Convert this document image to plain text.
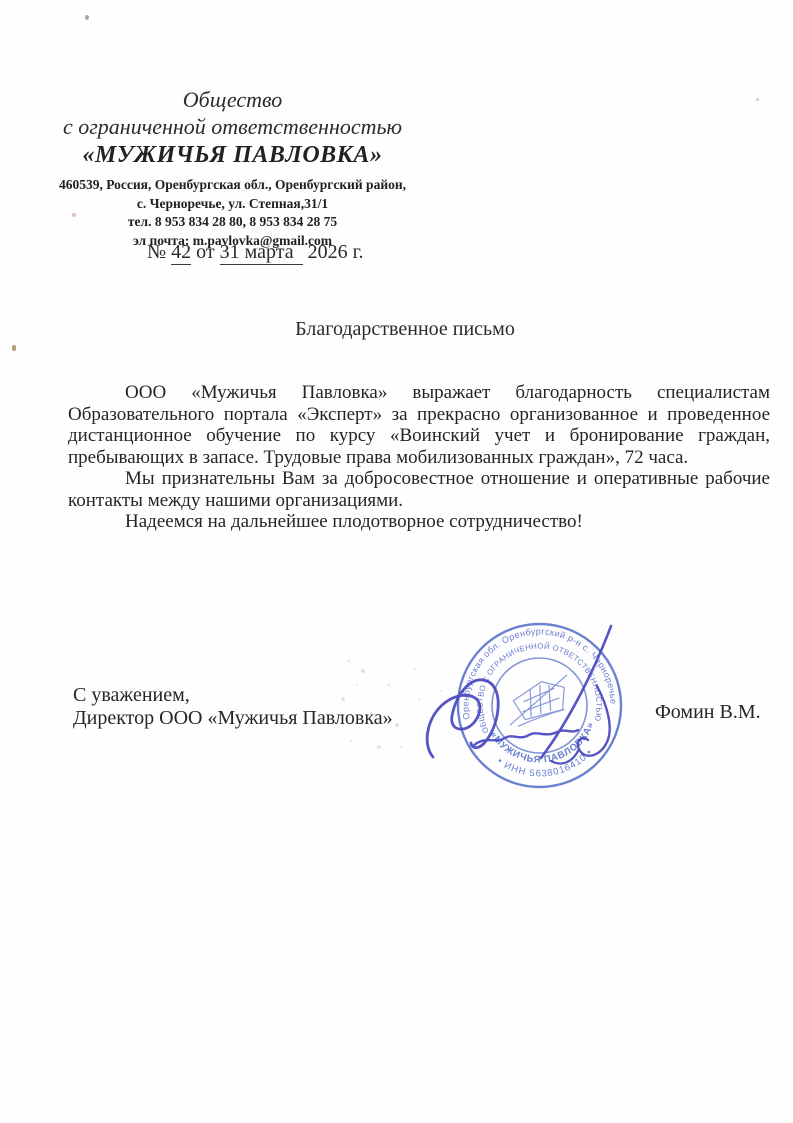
Общество
с ограниченной ответственностью
«МУЖИЧЬЯ ПАВЛОВКА»
460539, Россия, Оренбургская обл., Оренбургский район,
с. Черноречье, ул. Степная,31/1
тел. 8 953 834 28 80, 8 953 834 28 75
эл почта: m.pavlovka@gmail.com
№ 42 от 31 марта 2026 г.
Благодарственное письмо
ООО «Мужичья Павловка» выражает благодарность специалистам
Образовательного портала «Эксперт» за прекрасно организованное и проведенное
дистанционное обучение по курсу «Воинский учет и бронирование граждан,
пребывающих в запасе. Трудовые права мобилизованных граждан», 72 часа.
Мы признательны Вам за добросовестное отношение и оперативные рабочие
контакты между нашими организациями.
Надеемся на дальнейшее плодотворное сотрудничество!
С уважением,
Директор ООО «Мужичья Павловка»	Фомин В.М.
Оренбургская обл. Оренбургский р-н с. Черноречье
• ИНН 5638016410 •
ОБЩЕСТВО С ОГРАНИЧЕННОЙ ОТВЕТСТВЕННОСТЬЮ
«МУЖИЧЬЯ ПАВЛОВКА»
